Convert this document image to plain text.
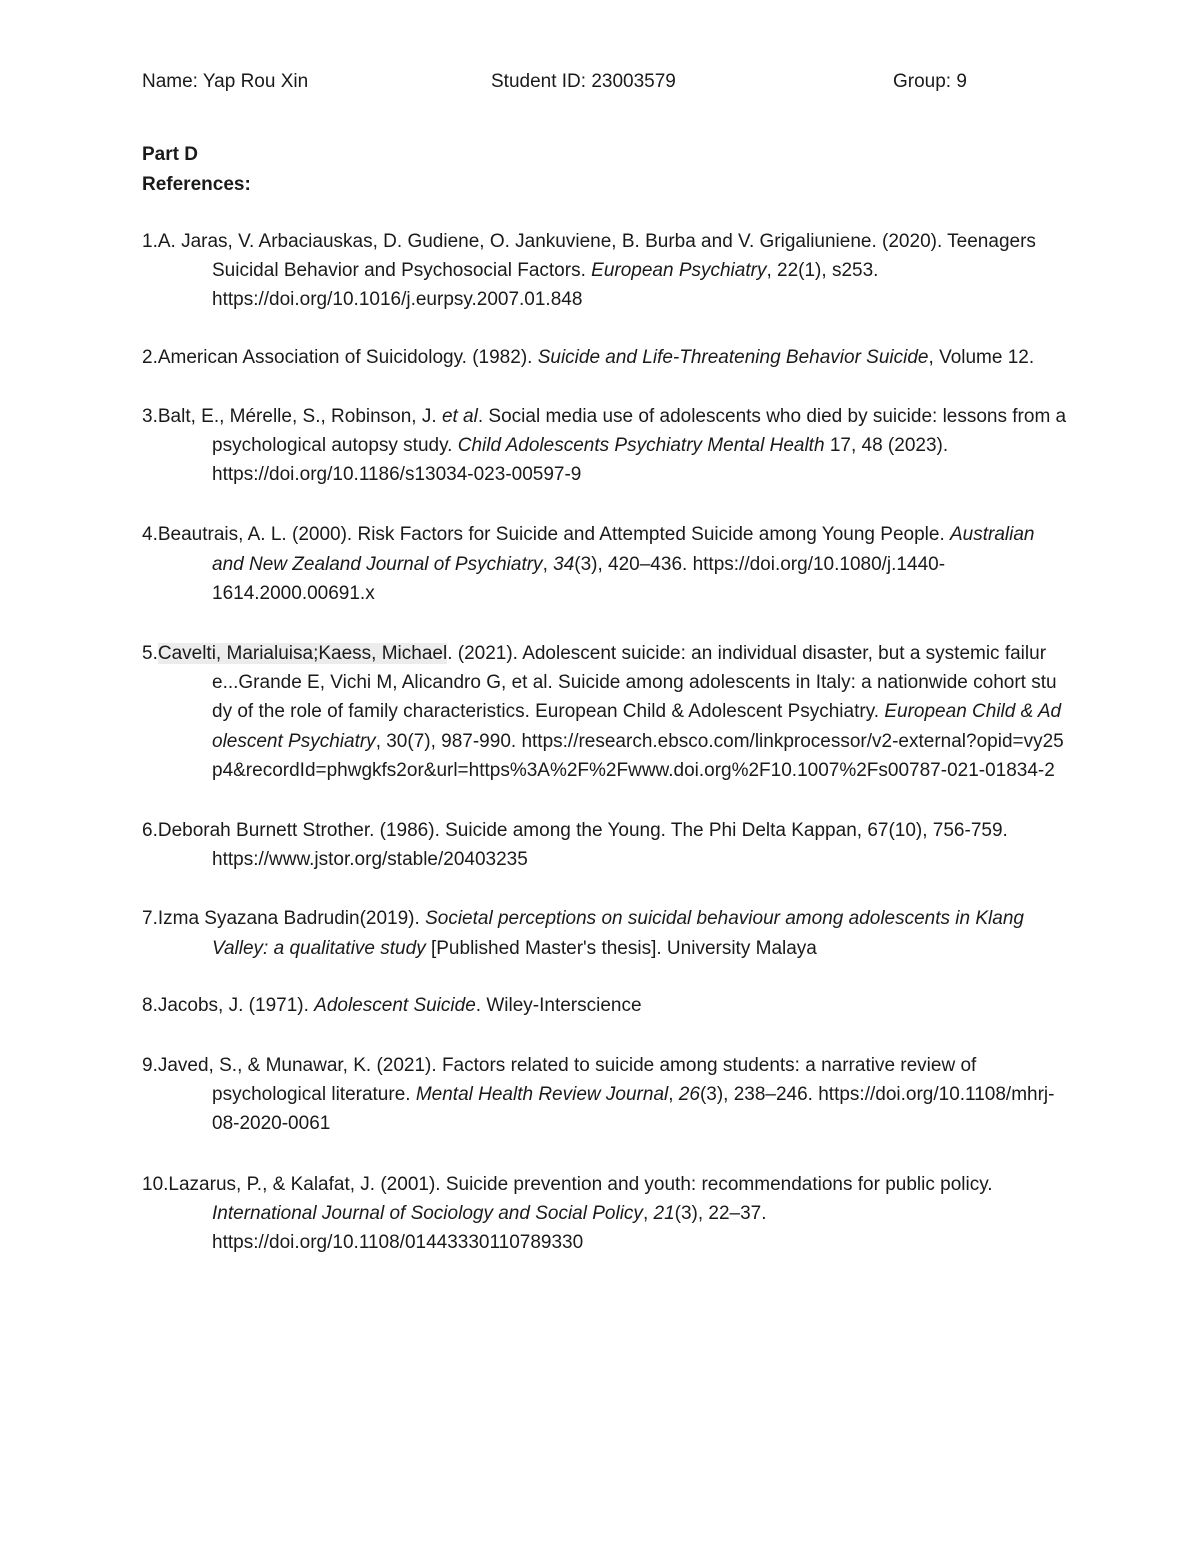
Name: Yap Rou Xin	Student ID: 23003579	Group: 9
Part D
References:

1.A. Jaras, V. Arbaciauskas, D. Gudiene, O. Jankuviene, B. Burba and V. Grigaliuniene. (2020). Teenagers Suicidal Behavior and Psychosocial Factors. European Psychiatry, 22(1), s253. https://doi.org/10.1016/j.eurpsy.2007.01.848

2.American Association of Suicidology. (1982). Suicide and Life-Threatening Behavior Suicide, Volume 12.

3.Balt, E., Mérelle, S., Robinson, J. et al. Social media use of adolescents who died by suicide: lessons from a psychological autopsy study. Child Adolescents Psychiatry Mental Health 17, 48 (2023). https://doi.org/10.1186/s13034-023-00597-9

4.Beautrais, A. L. (2000). Risk Factors for Suicide and Attempted Suicide among Young People. Australian and New Zealand Journal of Psychiatry, 34(3), 420–436. https://doi.org/10.1080/j.1440-1614.2000.00691.x

5.Cavelti, Marialuisa;Kaess, Michael. (2021). Adolescent suicide: an individual disaster, but a systemic failure...Grande E, Vichi M, Alicandro G, et al. Suicide among adolescents in Italy: a nationwide cohort study of the role of family characteristics. European Child & Adolescent Psychiatry. European Child & Adolescent Psychiatry, 30(7), 987-990. https://research.ebsco.com/linkprocessor/v2-external?opid=vy25p4&recordId=phwgkfs2or&url=https%3A%2F%2Fwww.doi.org%2F10.1007%2Fs00787-021-01834-2

6.Deborah Burnett Strother. (1986). Suicide among the Young. The Phi Delta Kappan, 67(10), 756-759. https://www.jstor.org/stable/20403235

7.Izma Syazana Badrudin(2019). Societal perceptions on suicidal behaviour among adolescents in Klang Valley: a qualitative study [Published Master's thesis]. University Malaya

8.Jacobs, J. (1971). Adolescent Suicide. Wiley-Interscience

9.Javed, S., & Munawar, K. (2021). Factors related to suicide among students: a narrative review of psychological literature. Mental Health Review Journal, 26(3), 238–246. https://doi.org/10.1108/mhrj-08-2020-0061

10.Lazarus, P., & Kalafat, J. (2001). Suicide prevention and youth: recommendations for public policy. International Journal of Sociology and Social Policy, 21(3), 22–37. https://doi.org/10.1108/01443330110789330
